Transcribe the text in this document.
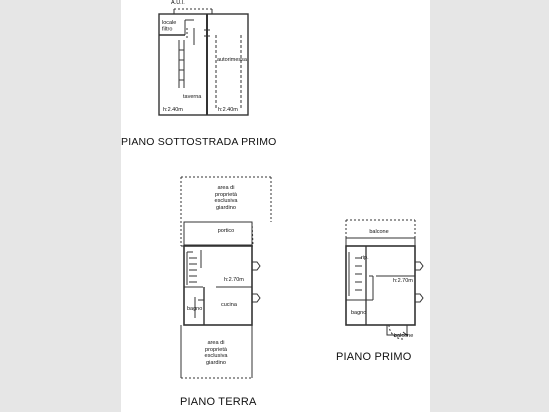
A.U.I.
locale filtro
autorimessa
taverna
h:2.40m	h:2.40m
portico
h:2.70m
cucina
bagno
balcone
rip.
h:2.70m
bagno
balcone
area di
proprietà
esclusiva
giardino
area di
proprietà
esclusiva
giardino
PIANO SOTTOSTRADA PRIMO
PIANO TERRA
PIANO PRIMO
